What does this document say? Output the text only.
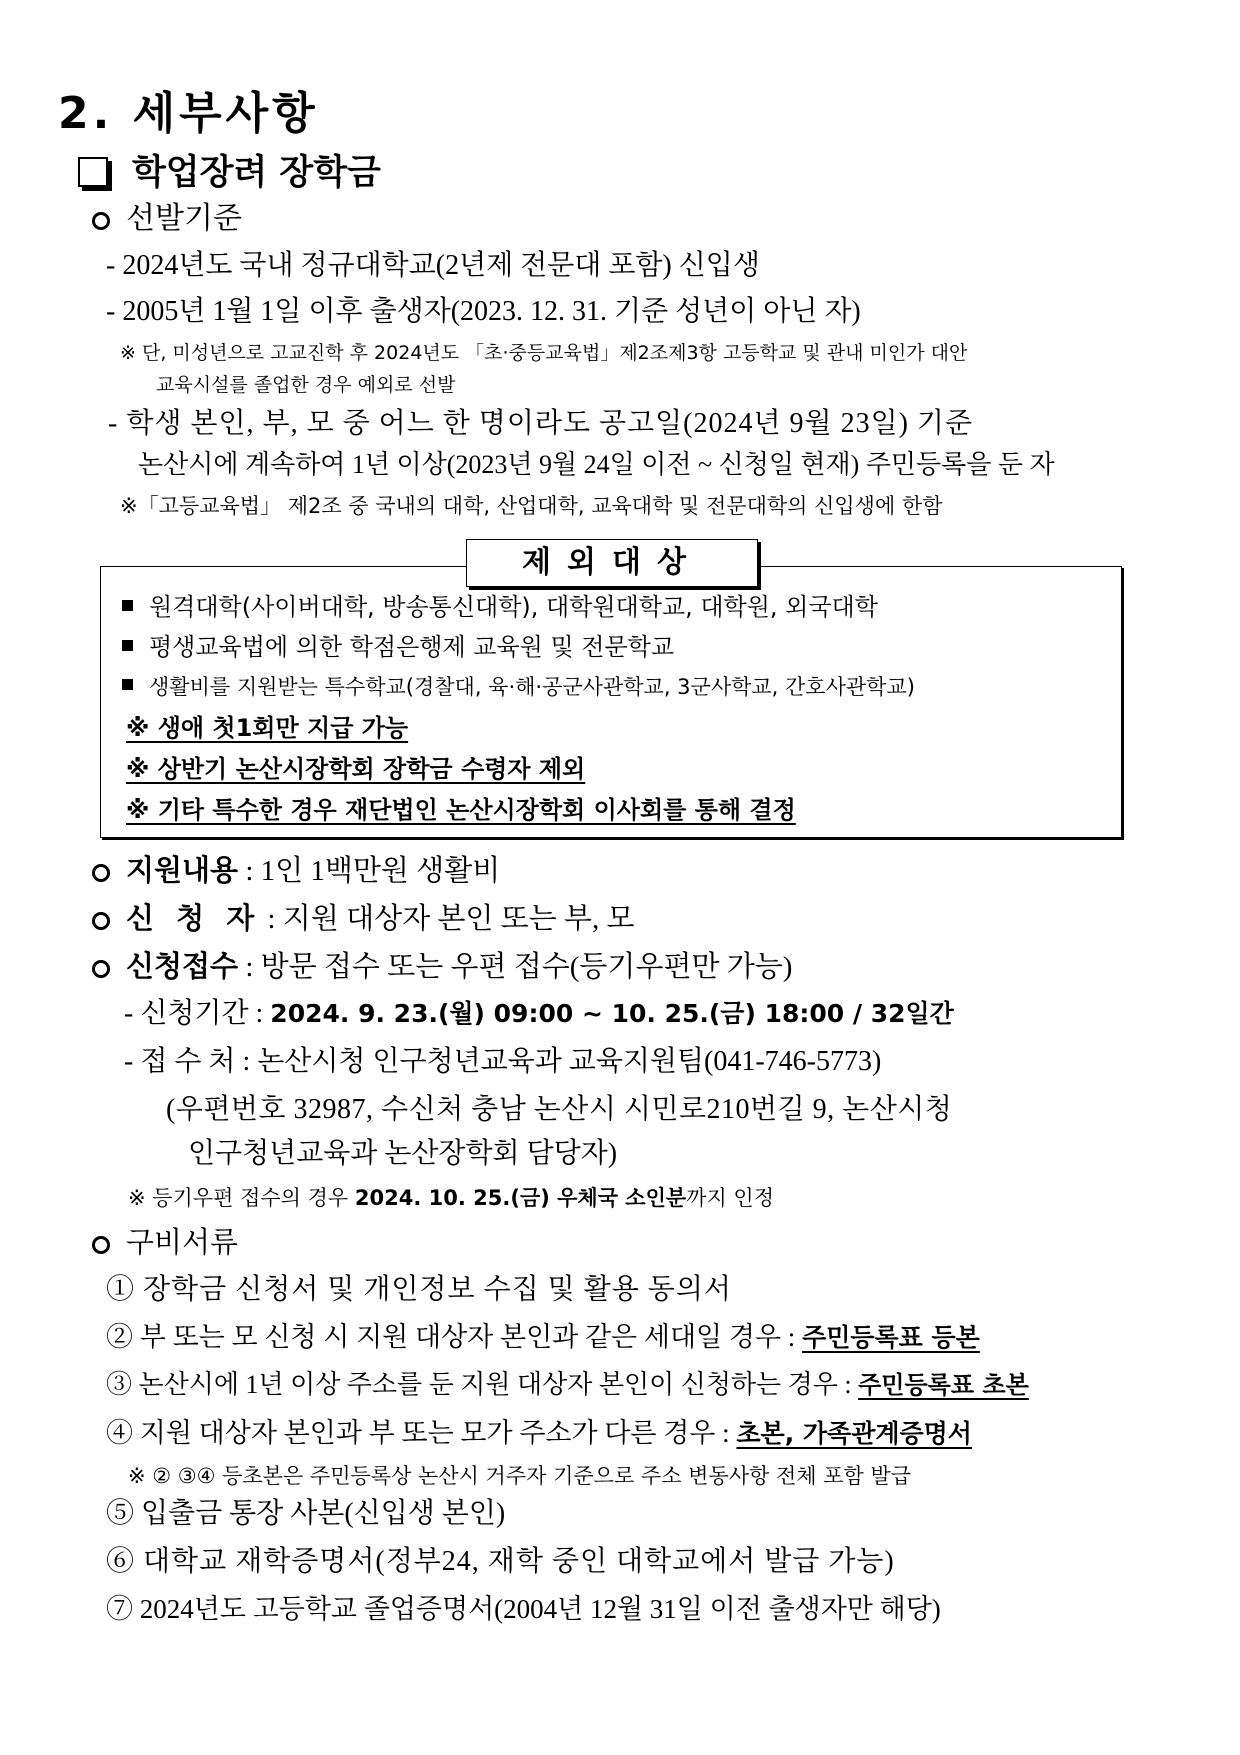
2. 세부사항
학업장려 장학금
선발기준
- 2024년도 국내 정규대학교(2년제 전문대 포함) 신입생
- 2005년 1월 1일 이후 출생자(2023. 12. 31. 기준 성년이 아닌 자)
※ 단, 미성년으로 고교진학 후 2024년도 「초·중등교육법」제2조제3항 고등학교 및 관내 미인가 대안
교육시설를 졸업한 경우 예외로 선발
- 학생 본인, 부, 모 중 어느 한 명이라도 공고일(2024년 9월 23일) 기준
논산시에 계속하여 1년 이상(2023년 9월 24일 이전 ~ 신청일 현재) 주민등록을 둔 자
※「고등교육법」 제2조 중 국내의 대학, 산업대학, 교육대학 및 전문대학의 신입생에 한함
제외대상
원격대학(사이버대학, 방송통신대학), 대학원대학교, 대학원, 외국대학
평생교육법에 의한 학점은행제 교육원 및 전문학교
생활비를 지원받는 특수학교(경찰대, 육·해·공군사관학교, 3군사학교, 간호사관학교)
※ 생애 첫1회만 지급 가능
※ 상반기 논산시장학회 장학금 수령자 제외
※ 기타 특수한 경우 재단법인 논산시장학회 이사회를 통해 결정
지원내용 : 1인 1백만원 생활비
신 청 자 : 지원 대상자 본인 또는 부, 모
신청접수 : 방문 접수 또는 우편 접수(등기우편만 가능)
- 신청기간 : 2024. 9. 23.(월) 09:00 ~ 10. 25.(금) 18:00 / 32일간
- 접 수 처 : 논산시청 인구청년교육과 교육지원팀(041-746-5773)
(우편번호 32987, 수신처 충남 논산시 시민로210번길 9, 논산시청
인구청년교육과 논산장학회 담당자)
※ 등기우편 접수의 경우 2024. 10. 25.(금) 우체국 소인분까지 인정
구비서류
① 장학금 신청서 및 개인정보 수집 및 활용 동의서
② 부 또는 모 신청 시 지원 대상자 본인과 같은 세대일 경우 : 주민등록표 등본
③ 논산시에 1년 이상 주소를 둔 지원 대상자 본인이 신청하는 경우 : 주민등록표 초본
④ 지원 대상자 본인과 부 또는 모가 주소가 다른 경우 : 초본, 가족관계증명서
※ ② ③④ 등초본은 주민등록상 논산시 거주자 기준으로 주소 변동사항 전체 포함 발급
⑤ 입출금 통장 사본(신입생 본인)
⑥ 대학교 재학증명서(정부24, 재학 중인 대학교에서 발급 가능)
⑦ 2024년도 고등학교 졸업증명서(2004년 12월 31일 이전 출생자만 해당)
